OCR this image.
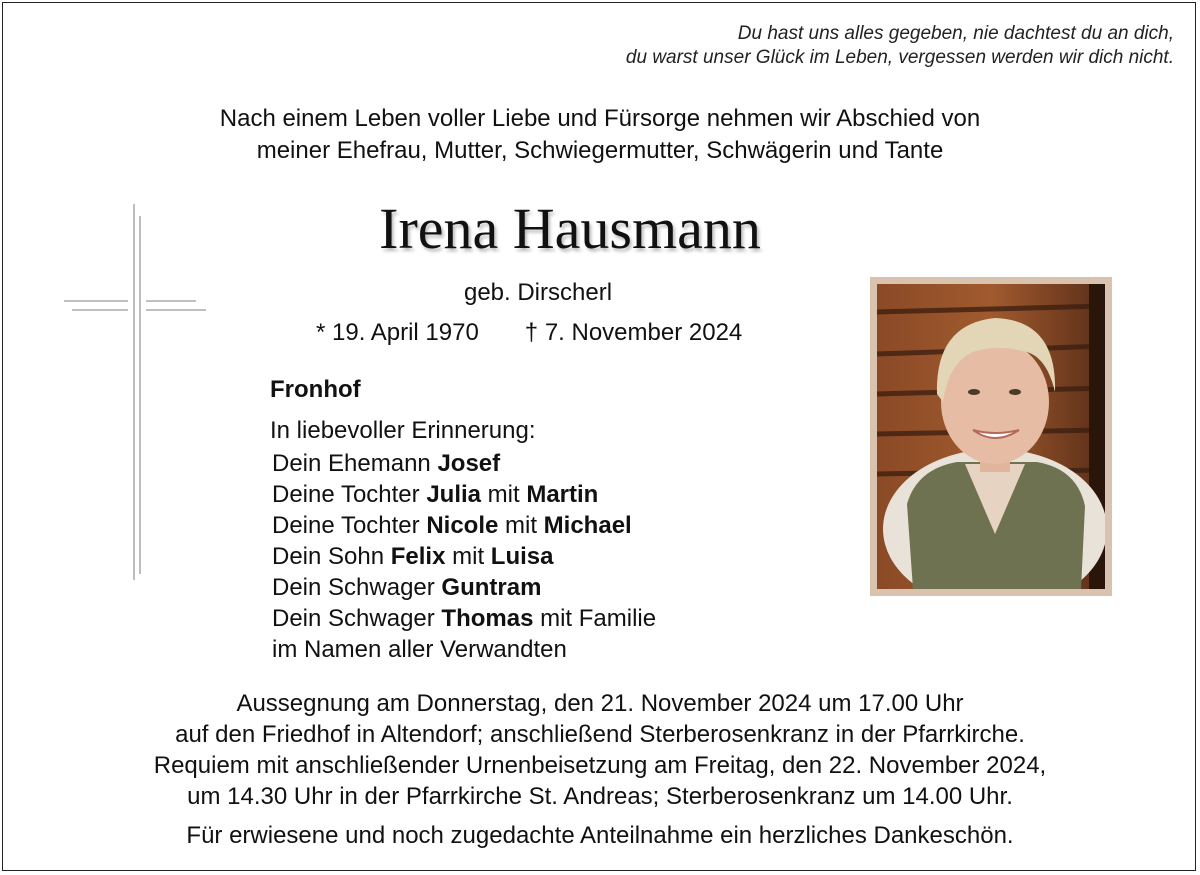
Du hast uns alles gegeben, nie dachtest du an dich,
du warst unser Glück im Leben, vergessen werden wir dich nicht.
Nach einem Leben voller Liebe und Fürsorge nehmen wir Abschied von
meiner Ehefrau, Mutter, Schwiegermutter, Schwägerin und Tante
Irena Hausmann
geb. Dirscherl
* 19. April 1970 † 7. November 2024
Fronhof
In liebevoller Erinnerung:
Dein Ehemann Josef
Deine Tochter Julia mit Martin
Deine Tochter Nicole mit Michael
Dein Sohn Felix mit Luisa
Dein Schwager Guntram
Dein Schwager Thomas mit Familie
im Namen aller Verwandten
Aussegnung am Donnerstag, den 21. November 2024 um 17.00 Uhr
auf den Friedhof in Altendorf; anschließend Sterberosenkranz in der Pfarrkirche.
Requiem mit anschließender Urnenbeisetzung am Freitag, den 22. November 2024,
um 14.30 Uhr in der Pfarrkirche St. Andreas; Sterberosenkranz um 14.00 Uhr.
Für erwiesene und noch zugedachte Anteilnahme ein herzliches Dankeschön.
